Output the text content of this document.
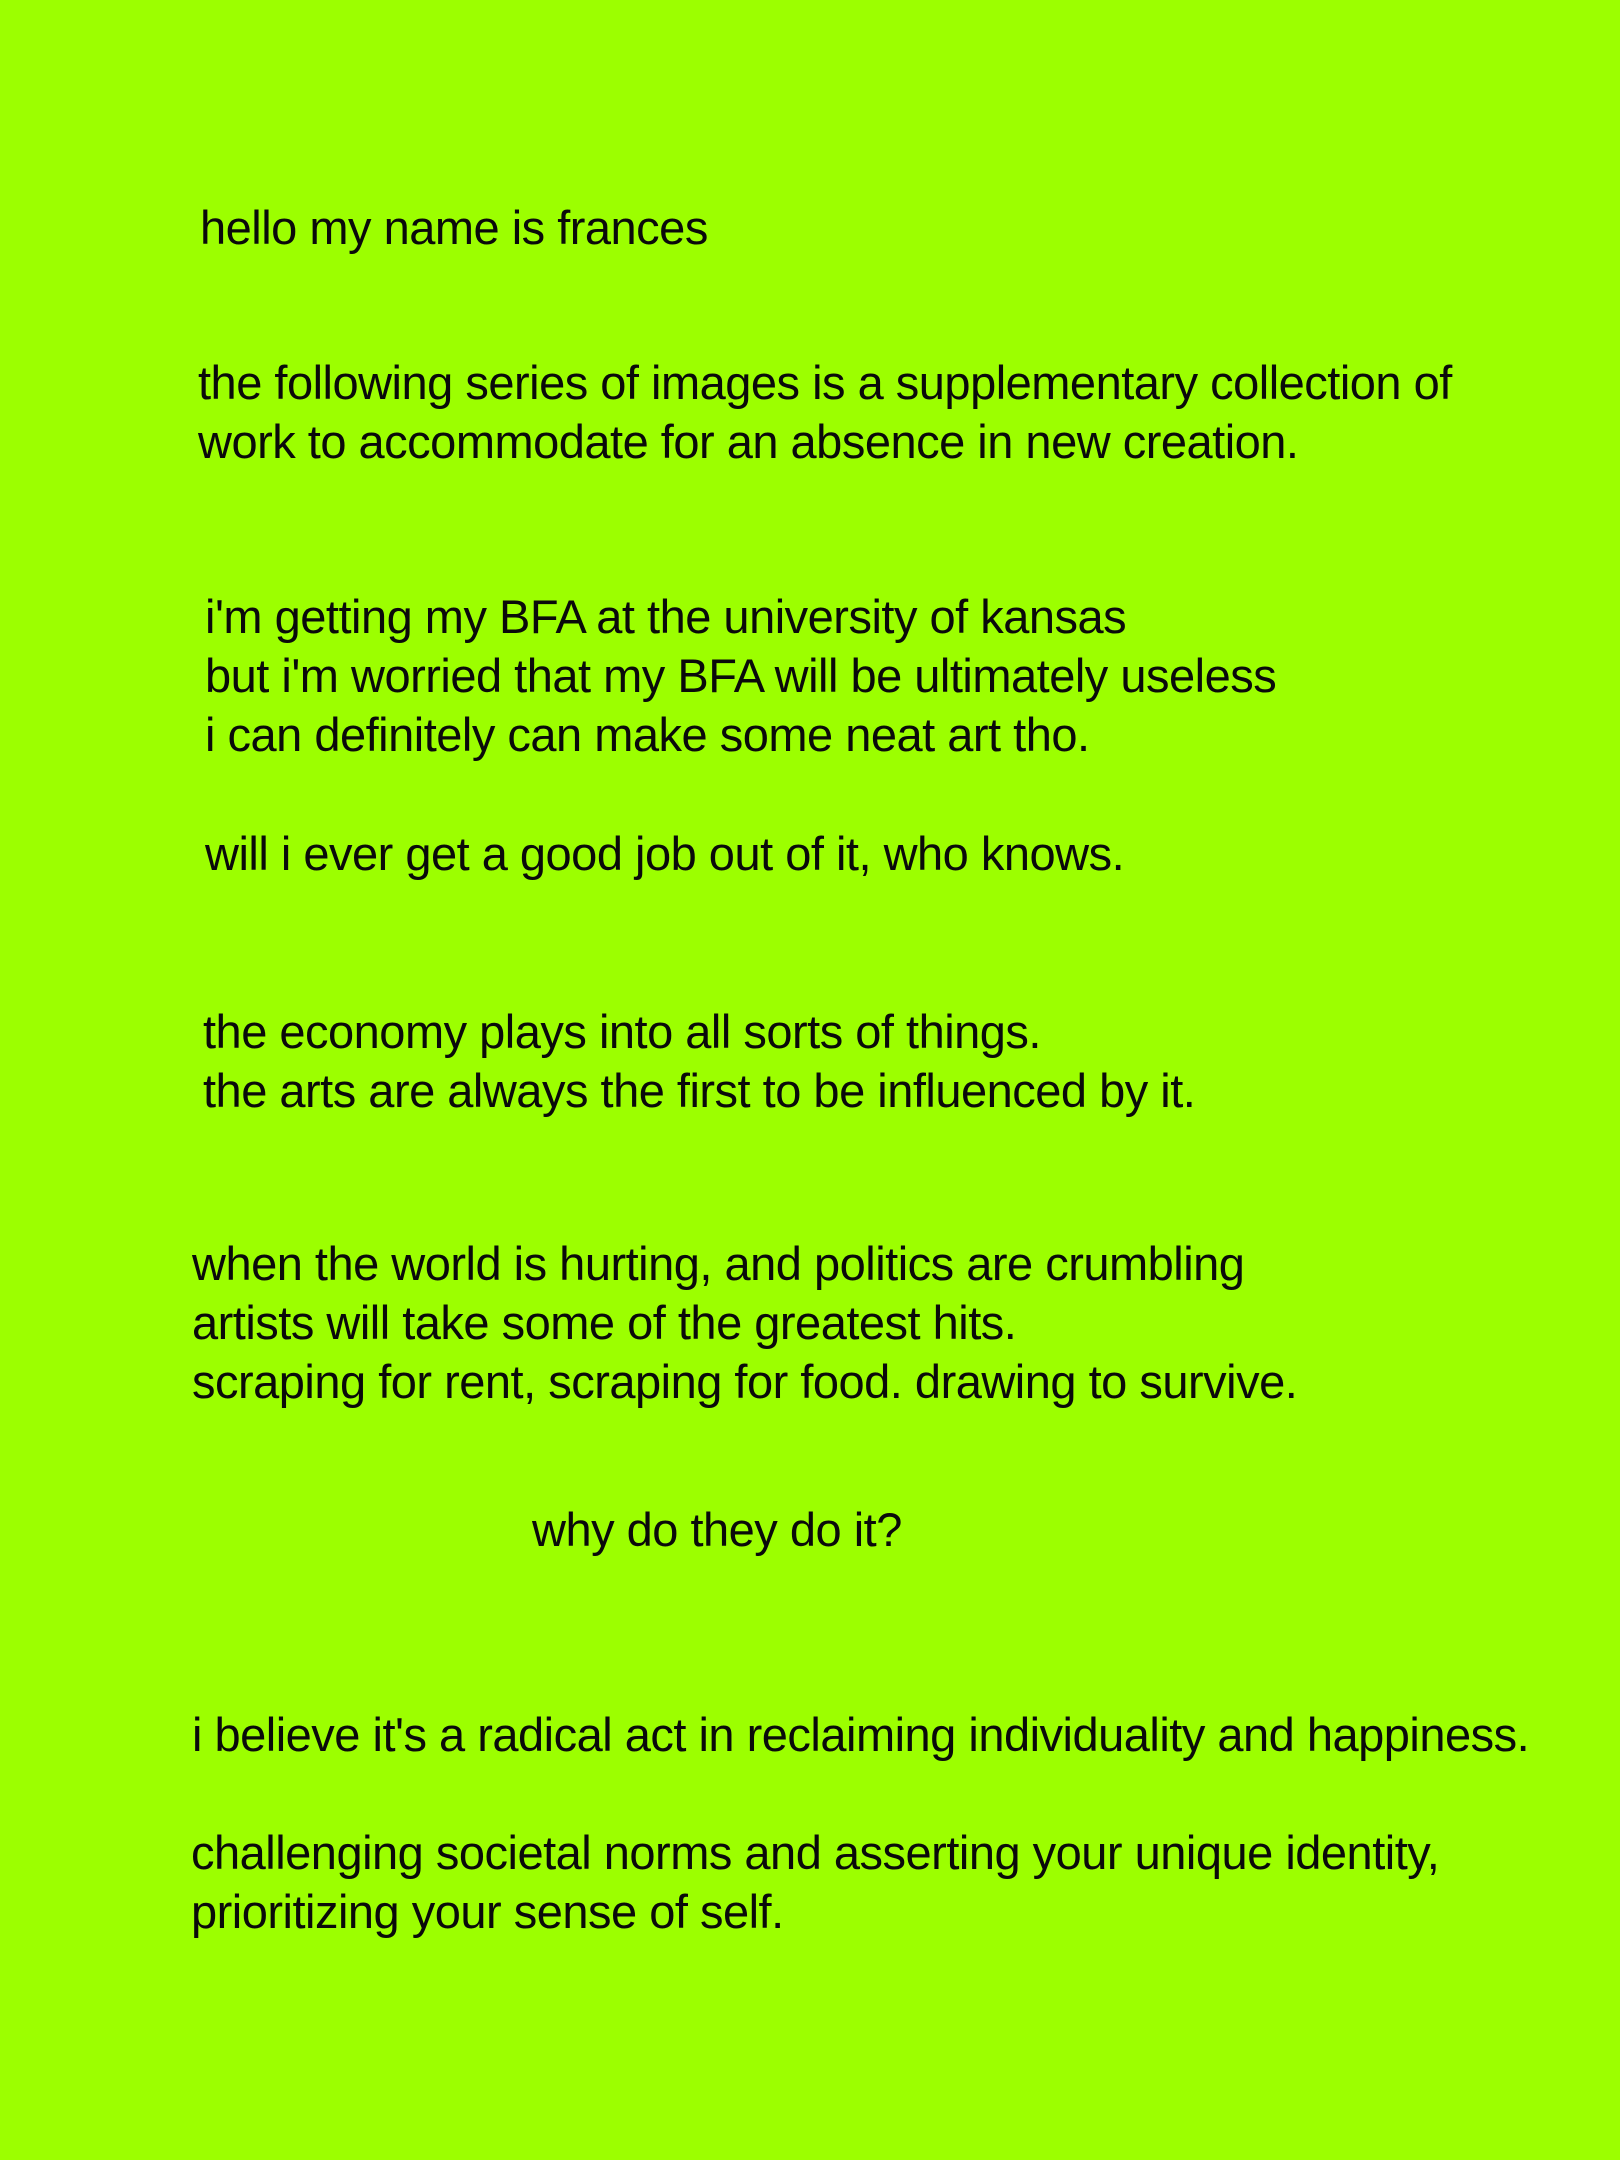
hello my name is frances

the following series of images is a supplementary collection of
work to accommodate for an absence in new creation.

i'm getting my BFA at the university of kansas
but i'm worried that my BFA will be ultimately useless
i can definitely can make some neat art tho.

will i ever get a good job out of it, who knows.

the economy plays into all sorts of things.
the arts are always the first to be influenced by it.

when the world is hurting, and politics are crumbling
artists will take some of the greatest hits.
scraping for rent, scraping for food. drawing to survive.

why do they do it?

i believe it's a radical act in reclaiming individuality and happiness.

challenging societal norms and asserting your unique identity,
prioritizing your sense of self.
